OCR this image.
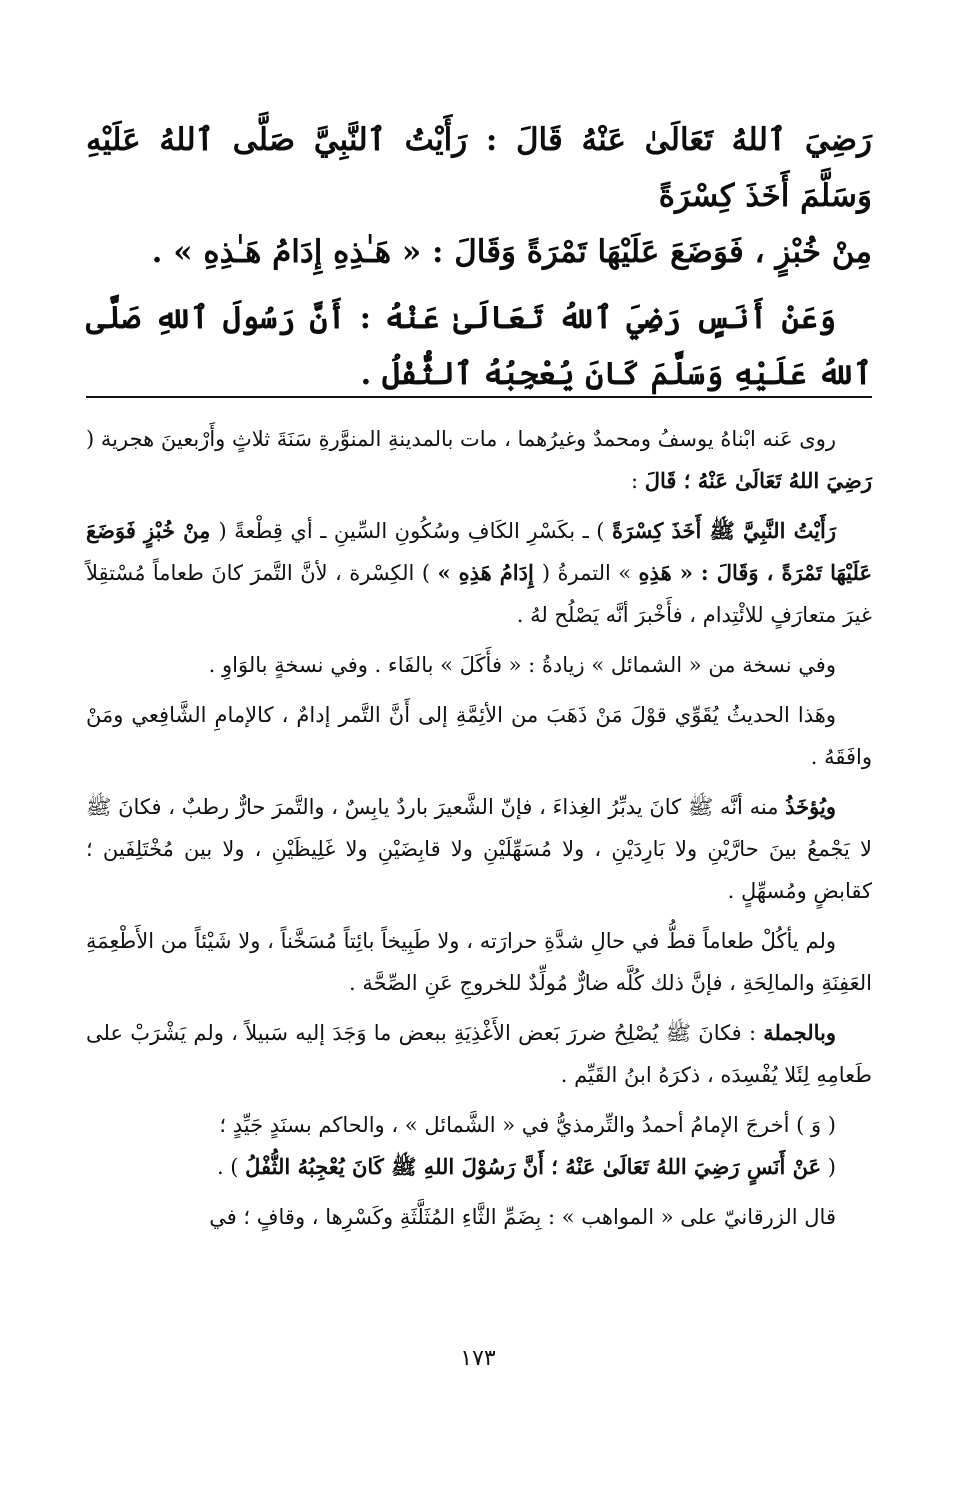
رَضِيَ ٱللهُ تَعَالَىٰ عَنْهُ قَالَ : رَأَيْتُ ٱلنَّبِيَّ صَلَّى ٱللهُ عَلَيْهِ وَسَلَّمَ أَخَذَ كِسْرَةً

مِنْ خُبْزٍ ، فَوَضَعَ عَلَيْهَا تَمْرَةً وَقَالَ : « هَـٰذِهِ إِدَامُ هَـٰذِهِ » .

وَعَنْ أَنَسٍ رَضِيَ ٱللهُ تَعَالَىٰ عَنْهُ : أَنَّ رَسُولَ ٱللهِ صَلَّى ٱللهُ عَلَيْهِ وَسَلَّمَ كَانَ يُعْجِبُهُ ٱلثُّفْلُ .

روى عَنه ابْناهُ يوسفُ ومحمدٌ وغيرُهما ، مات بالمدينةِ المنوَّرةِ سَنَةَ ثلاثٍ وأَرْبعينَ هجرية ( رَضِيَ اللهُ تَعَالَىٰ عَنْهُ ؛ قَالَ :

رَأَيْتُ النَّبِيَّ ﷺ أَخَذَ كِسْرَةً ) ـ بكَسْرِ الكَافِ وسُكُونِ السِّينِ ـ أي قِطْعةً ( مِنْ خُبْزٍ فَوَضَعَ عَلَيْهَا تَمْرَةً ، وَقَالَ : « هَذِهِ » التمرةُ ( إِدَامُ هَذِهِ » ) الكِسْرة ، لأنَّ التَّمرَ كانَ طعاماً مُسْتقِلاً غيرَ متعارَفٍ للائْتِدام ، فأَخْبرَ أنَّه يَصْلُح لهُ .

وفي نسخة من « الشمائل » زيادةُ : « فأَكَلَ » بالفَاء . وفي نسخةٍ بالوَاوِ .

وهَذا الحديثُ يُقَوِّي قوْلَ مَنْ ذَهَبَ من الأئِمَّةِ إلى أَنَّ التَّمر إدامٌ ، كالإمامِ الشَّافِعي ومَنْ وافَقَهُ .

ويُؤخَذُ منه أنَّه ﷺ كانَ يدبِّرُ الغِذاءَ ، فإنّ الشَّعيرَ باردٌ يابِسٌ ، والتَّمرَ حارٌّ رطبٌ ، فكانَ ﷺ لا يَجْمعُ بينَ حارَّيْنِ ولا بَارِدَيْنِ ، ولا مُسَهِّلَيْنِ ولا قابِضَيْنِ ولا غَلِيظَيْنِ ، ولا بين مُخْتَلِفَين ؛ كقابضٍ ومُسهِّلٍ .

ولم يأكُلْ طعاماً قطُّ في حالِ شدَّةِ حرارَته ، ولا طَبِيخاً بائِتاً مُسَخَّناً ، ولا شَيْئاً من الأَطْعِمَةِ العَفِنَةِ والمالِحَةِ ، فإنَّ ذلك كُلَّه ضارٌّ مُولِّدٌ للخروجِ عَنِ الصِّحَّة .

وبالجملة : فكانَ ﷺ يُصْلِحُ ضررَ بَعض الأَغْذِيَةِ ببعض ما وَجَدَ إليه سَبيلاً ، ولم يَشْرَبْ على طَعامِهِ لِئَلا يُفْسِدَه ، ذكرَهُ ابنُ القَيِّم .

( وَ ) أخرجَ الإمامُ أحمدُ والتِّرمذيُّ في « الشَّمائل » ، والحاكم بسنَدٍ جَيِّدٍ ؛

( عَنْ أَنَسٍ رَضِيَ اللهُ تَعَالَىٰ عَنْهُ ؛ أَنَّ رَسُوْلَ اللهِ ﷺ كَانَ يُعْجِبُهُ الثُّفْلُ ) .

قال الزرقانيّ على « المواهب » : بِضَمِّ الثَّاءِ المُثَلَّثَةِ وكَسْرِها ، وقافٍ ؛ في

١٧٣
